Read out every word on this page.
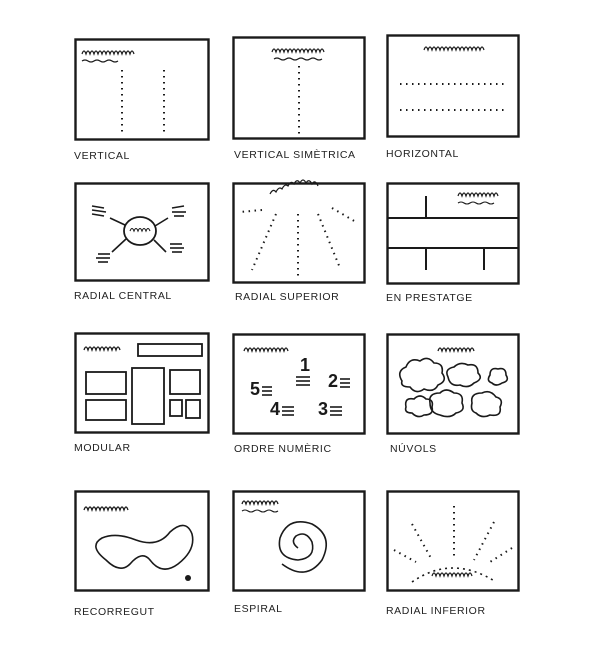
VERTICAL	VERTICAL SIMÈTRICA	HORIZONTAL
RADIAL CENTRAL	RADIAL SUPERIOR	EN PRESTATGE
MODULAR
1
2
3
4
5
ORDRE NUMÈRIC	NÚVOLS
RECORREGUT	ESPIRAL	RADIAL INFERIOR
